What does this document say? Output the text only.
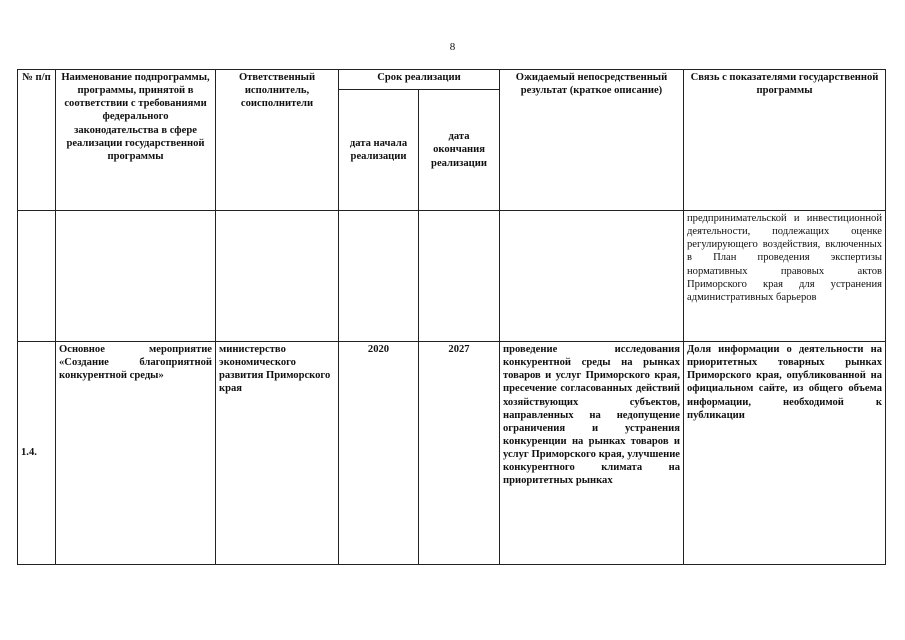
8
№ п/п	Наименование подпрограммы, программы, принятой в соответствии с требованиями федерального законодательства в сфере реализации государственной программы	Ответственный исполнитель, соисполнители	Срок реализации		Ожидаемый непосредственный результат (краткое описание)	Связь с показателями государственной программы
			дата начала реализации	дата окончания реализации		
						предпринимательской и инвестиционной деятельности, подлежащих оценке регулирующего воздействия, включенных в План проведения экспертизы нормативных правовых актов Приморского края для устранения административных барьеров
1.4.	Основное мероприятие «Создание благоприятной конкурентной среды»	министерство экономического развития Приморского края	2020	2027	проведение исследования конкурентной среды на рынках товаров и услуг Приморского края, пресечение согласованных действий хозяйствующих субъектов, направленных на недопущение ограничения и устранения конкуренции на рынках товаров и услуг Приморского края, улучшение конкурентного климата на приоритетных рынках	Доля информации о деятельности на приоритетных товарных рынках Приморского края, опубликованной на официальном сайте, из общего объема информации, необходимой к публикации
